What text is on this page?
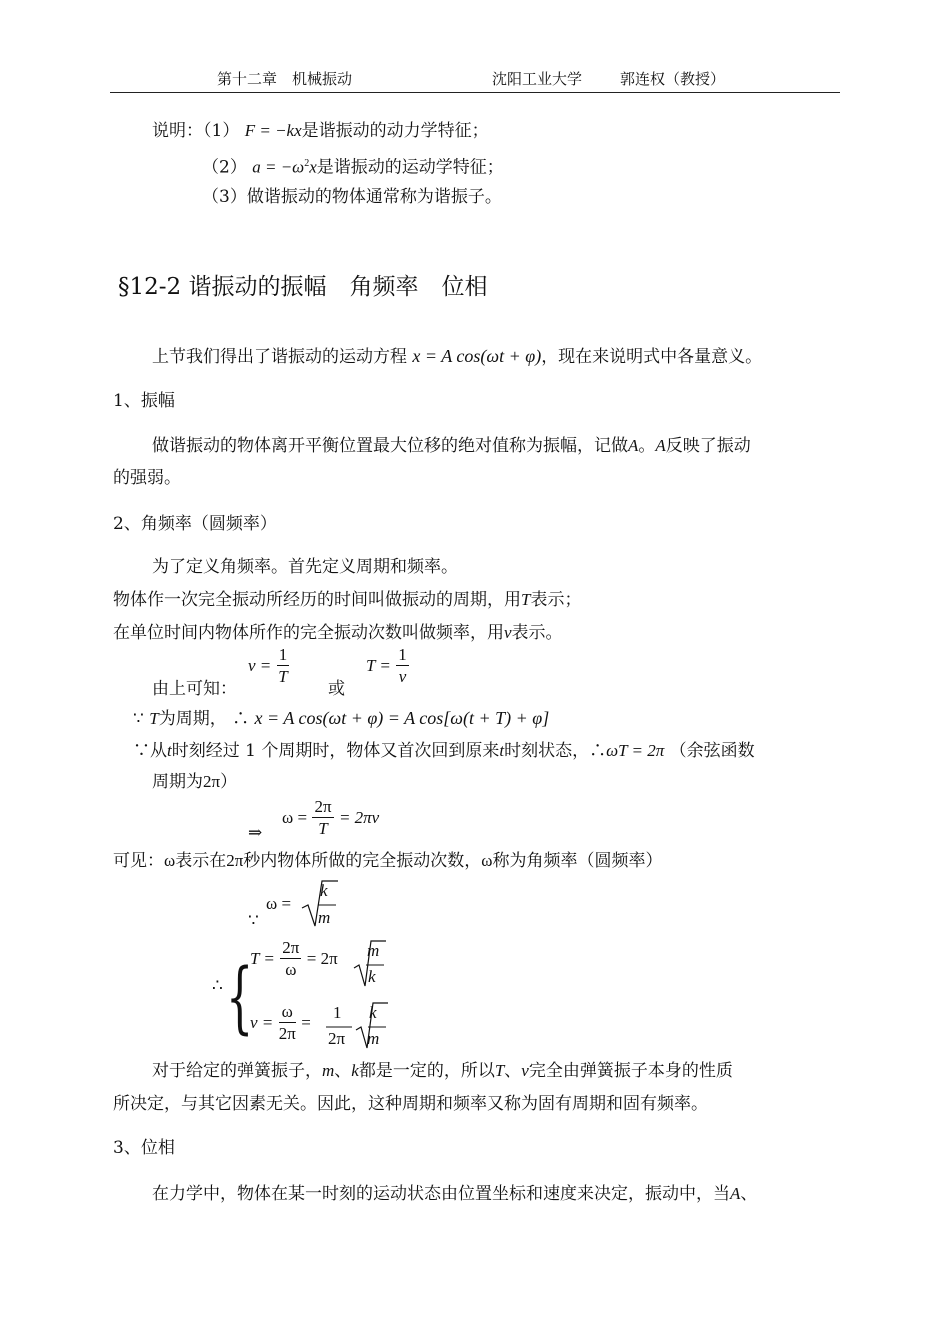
第十二章　机械振动	沈阳工业大学	郭连权（教授）
说明：（1） F = −kx是谐振动的动力学特征；
（2） $a = -\omega^2x$是谐振动的运动学特征；
（3）做谐振动的物体通常称为谐振子。
§12-2 谐振动的振幅　角频率　位相
上节我们得出了谐振动的运动方程 x = A cos(ωt + φ)，现在来说明式中各量意义。
1、振幅
做谐振动的物体离开平衡位置最大位移的绝对值称为振幅，记做A。A反映了振动
的强弱。
2、角频率（圆频率）
为了定义角频率。首先定义周期和频率。
物体作一次完全振动所经历的时间叫做振动的周期，用T表示；
在单位时间内物体所作的完全振动次数叫做频率，用v表示。
由上可知：
$v = \frac{1}{T}$
或
$T = \frac{1}{v}$
∵ T为周期， ∴ x = A cos(ωt + φ) = A cos[ω(t + T) + φ]
∵从t时刻经过 1 个周期时，物体又首次回到原来t时刻状态，∴ωT = 2π （余弦函数
周期为2π）
⇒
$\omega = \frac{2\pi}{T} = 2\pi v$
可见：ω表示在2π秒内物体所做的完全振动次数，ω称为角频率（圆频率）
∵
ω =
k
m
∴ {
$T = \frac{2\pi}{\omega} = 2\pi$ m
k
$v = \frac{\omega}{2\pi}$ =
1
2π
k
m
对于给定的弹簧振子，m、k都是一定的，所以T、v完全由弹簧振子本身的性质
所决定，与其它因素无关。因此，这种周期和频率又称为固有周期和固有频率。
3、位相
在力学中，物体在某一时刻的运动状态由位置坐标和速度来决定，振动中，当A、
